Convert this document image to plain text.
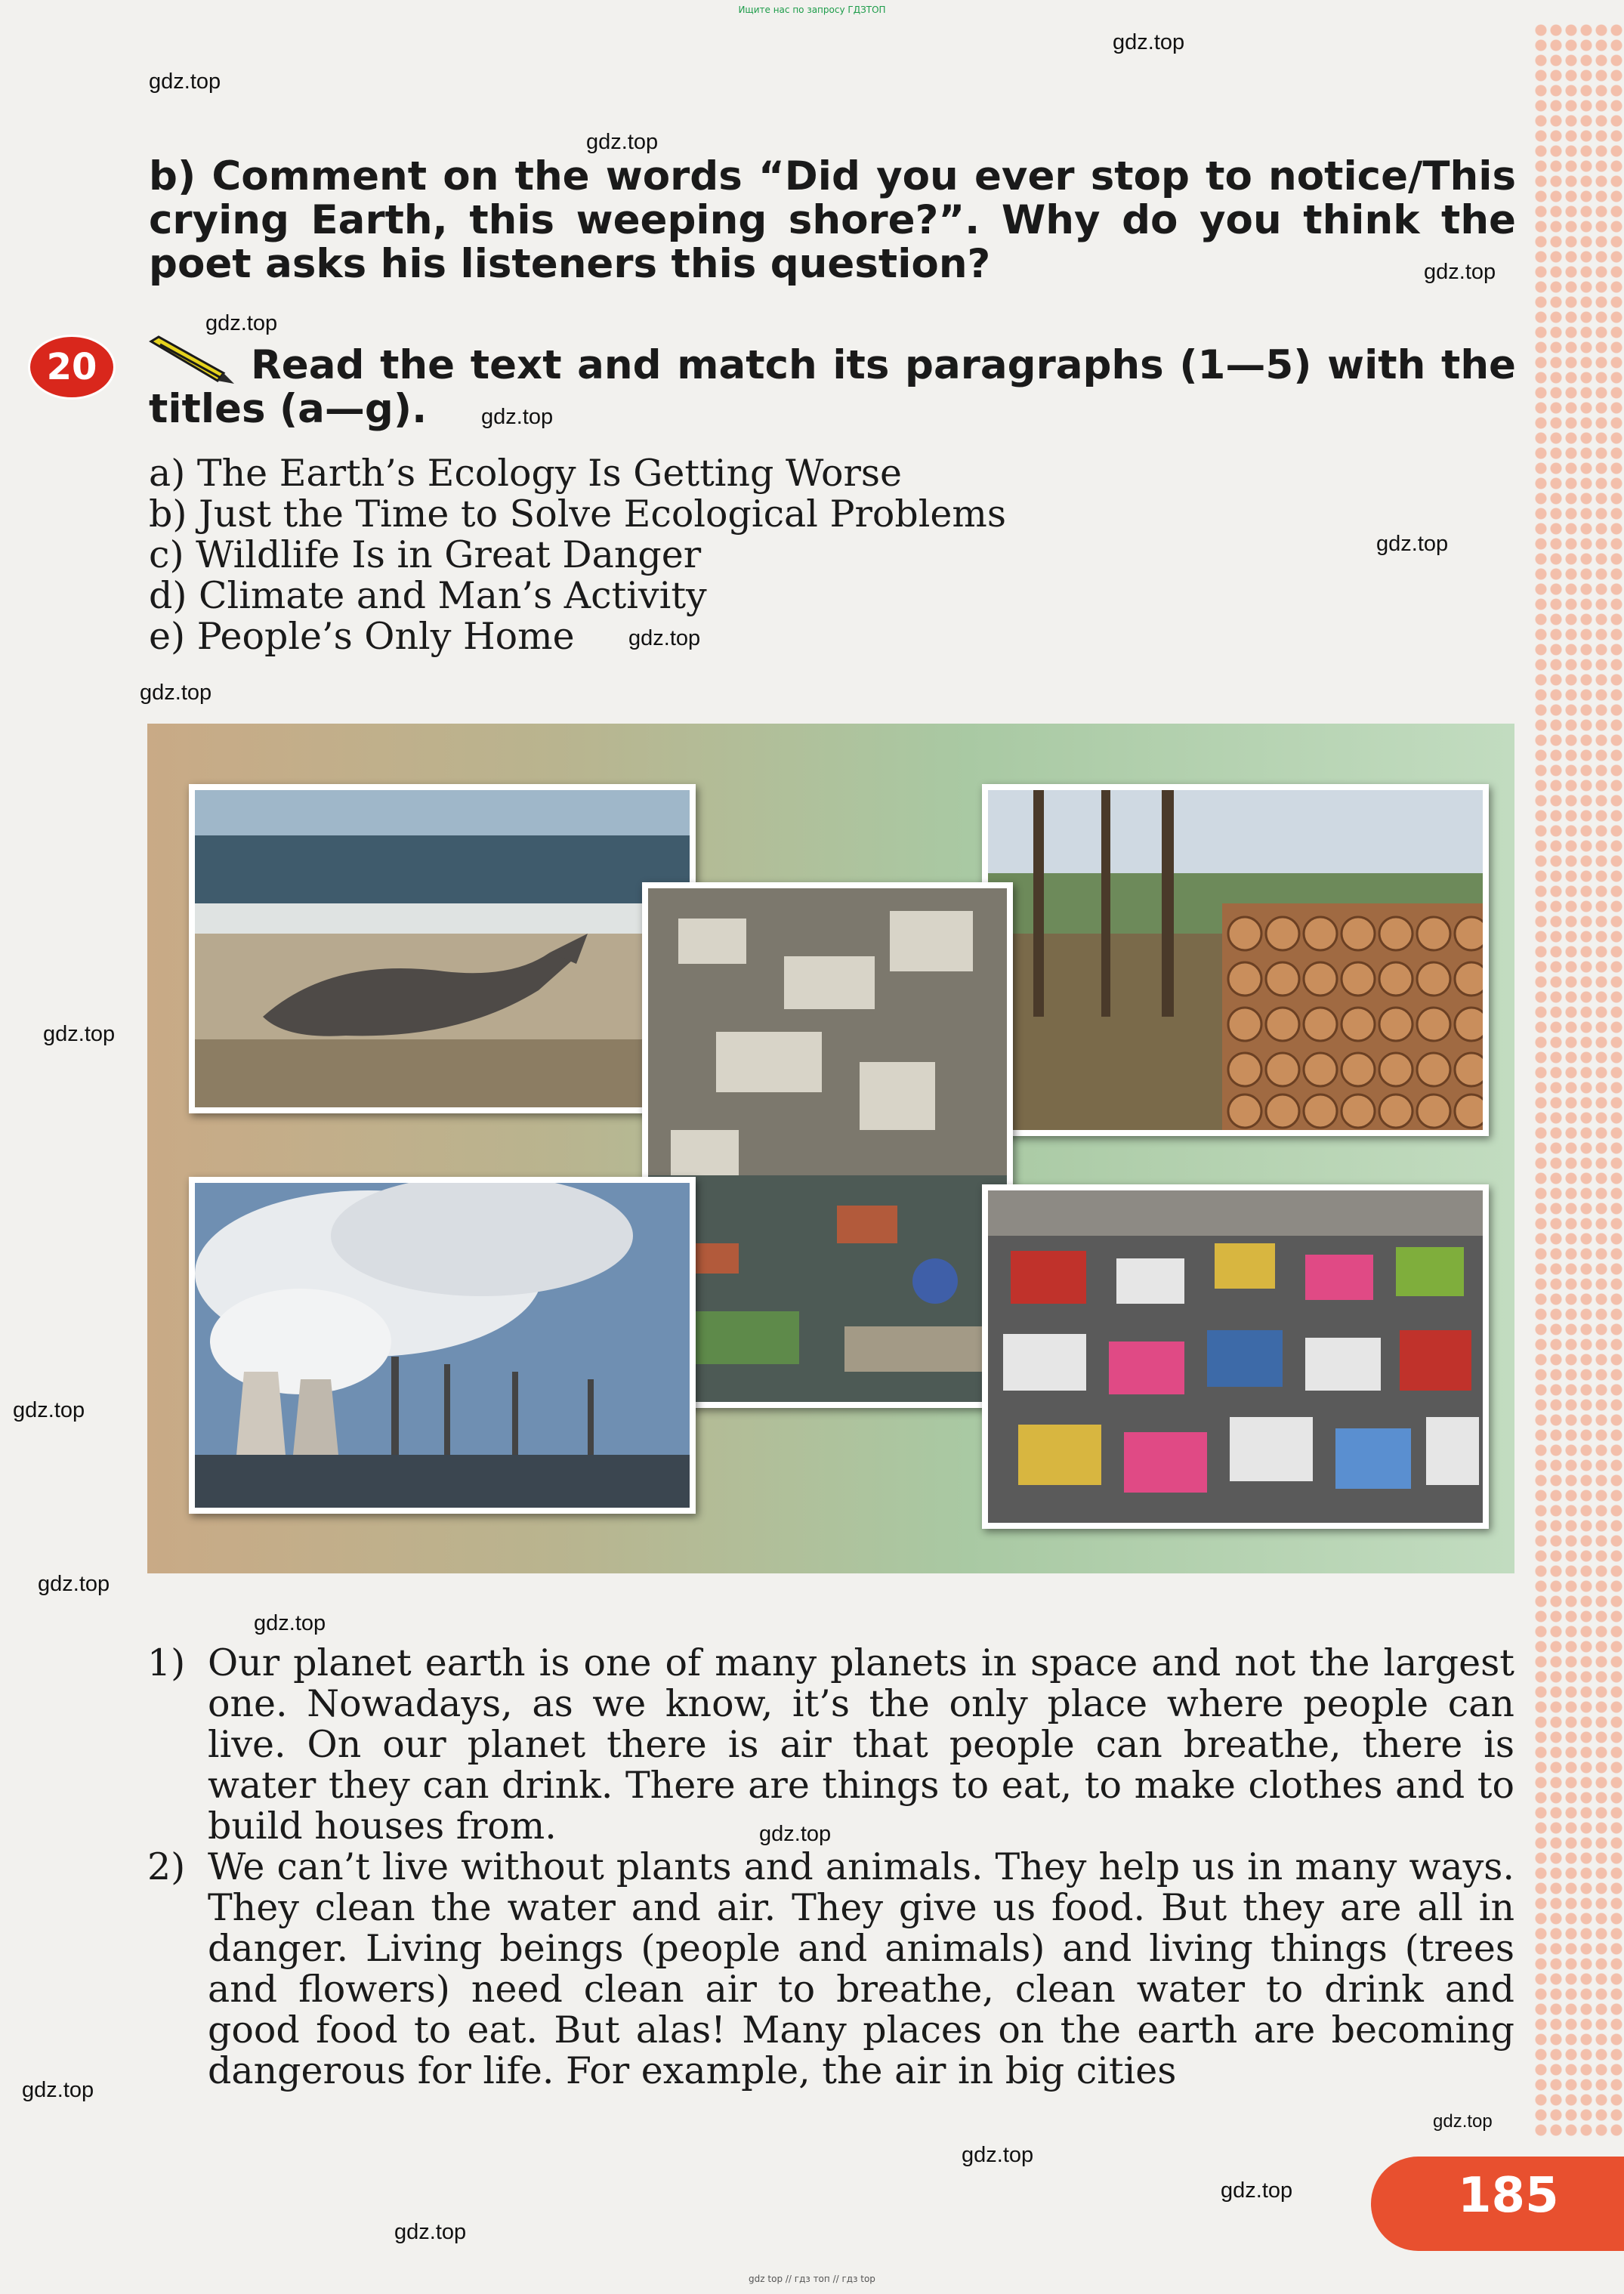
Ищите нас по запросу ГДЗТОП
gdz.top
gdz.top
gdz.top
gdz.top
gdz.top
gdz.top
gdz.top
gdz.top
gdz.top
gdz.top
gdz.top
gdz.top
gdz.top
gdz.top
gdz.top
gdz.top
gdz.top
gdz.top
gdz.top
b) Comment on the words “Did you ever stop to notice/This crying Earth, this weeping shore?”. Why do you think the poet asks his listeners this question?
20	Read the text and match its paragraphs (1—5) with the titles (a—g).
a) The Earth’s Ecology Is Getting Worse
b) Just the Time to Solve Ecological Problems
c) Wildlife Is in Great Danger
d) Climate and Man’s Activity
e) People’s Only Home
1) Our planet earth is one of many planets in space and not the largest one. Nowadays, as we know, it’s the only place where people can live. On our planet there is air that people can breathe, there is water they can drink. There are things to eat, to make clothes and to build houses from.
2) We can’t live without plants and animals. They help us in many ways. They clean the water and air. They give us food. But they are all in danger. Living beings (people and animals) and living things (trees and flowers) need clean air to breathe, clean water to drink and good food to eat. But alas! Many places on the earth are becoming dangerous for life. For example, the air in big cities
185
gdz top // гдз топ // гдз top
